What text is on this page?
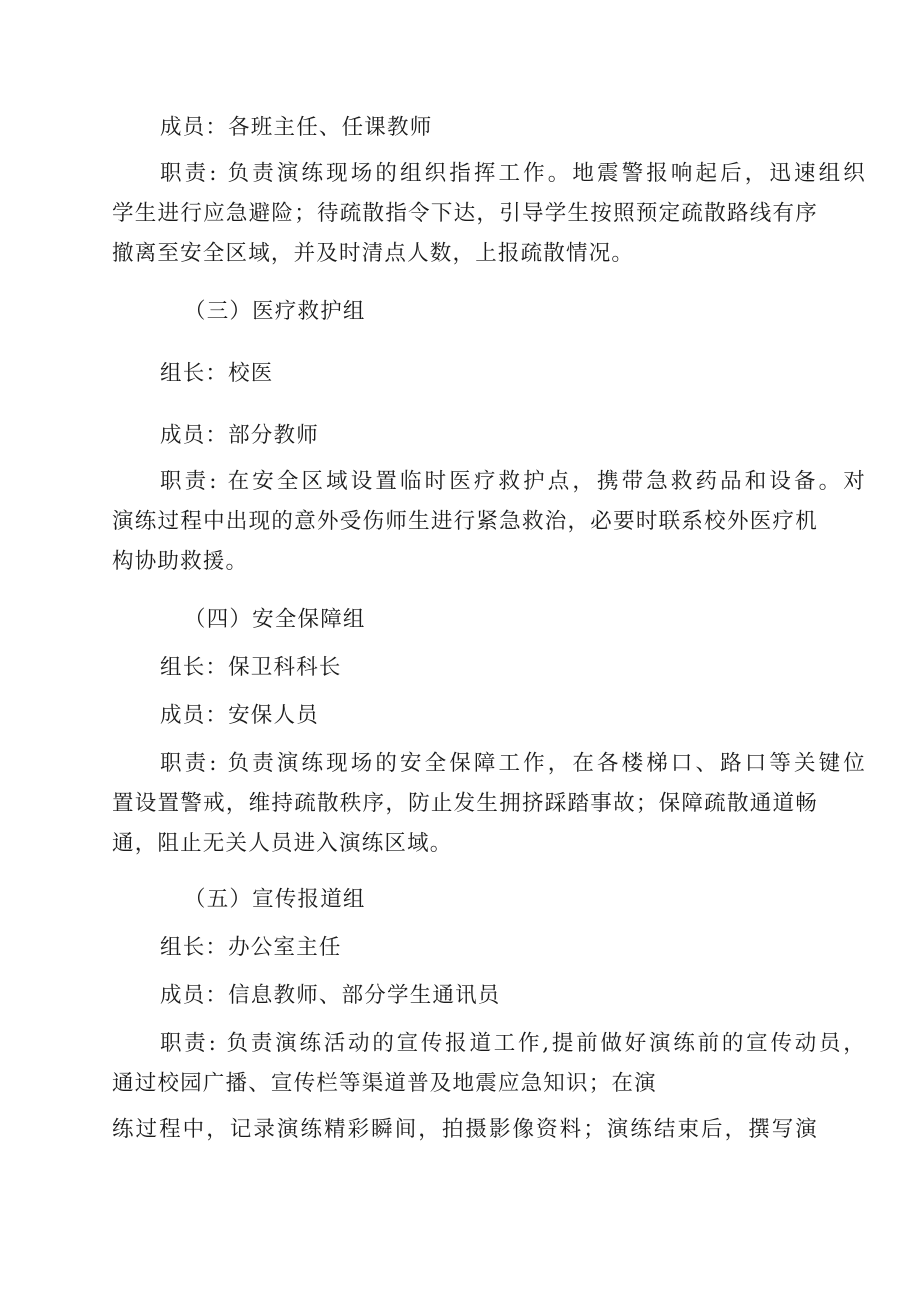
成员：各班主任、任课教师
职责: 负责演练现场的组织指挥工作。地震警报响起后，迅速组织
学生进行应急避险；待疏散指令下达，引导学生按照预定疏散路线有序
撤离至安全区域，并及时清点人数，上报疏散情况。
（三）医疗救护组
组长：校医
成员：部分教师
职责: 在安全区域设置临时医疗救护点，携带急救药品和设备。对
演练过程中出现的意外受伤师生进行紧急救治，必要时联系校外医疗机
构协助救援。
（四）安全保障组
组长：保卫科科长
成员：安保人员
职责: 负责演练现场的安全保障工作，在各楼梯口、路口等关键位
置设置警戒，维持疏散秩序，防止发生拥挤踩踏事故；保障疏散通道畅
通，阻止无关人员进入演练区域。
（五）宣传报道组
组长：办公室主任
成员：信息教师、部分学生通讯员
职责: 负责演练活动的宣传报道工作,提前做好演练前的宣传动员，
通过校园广播、宣传栏等渠道普及地震应急知识；在演
练过程中，记录演练精彩瞬间，拍摄影像资料；演练结束后，撰写演
